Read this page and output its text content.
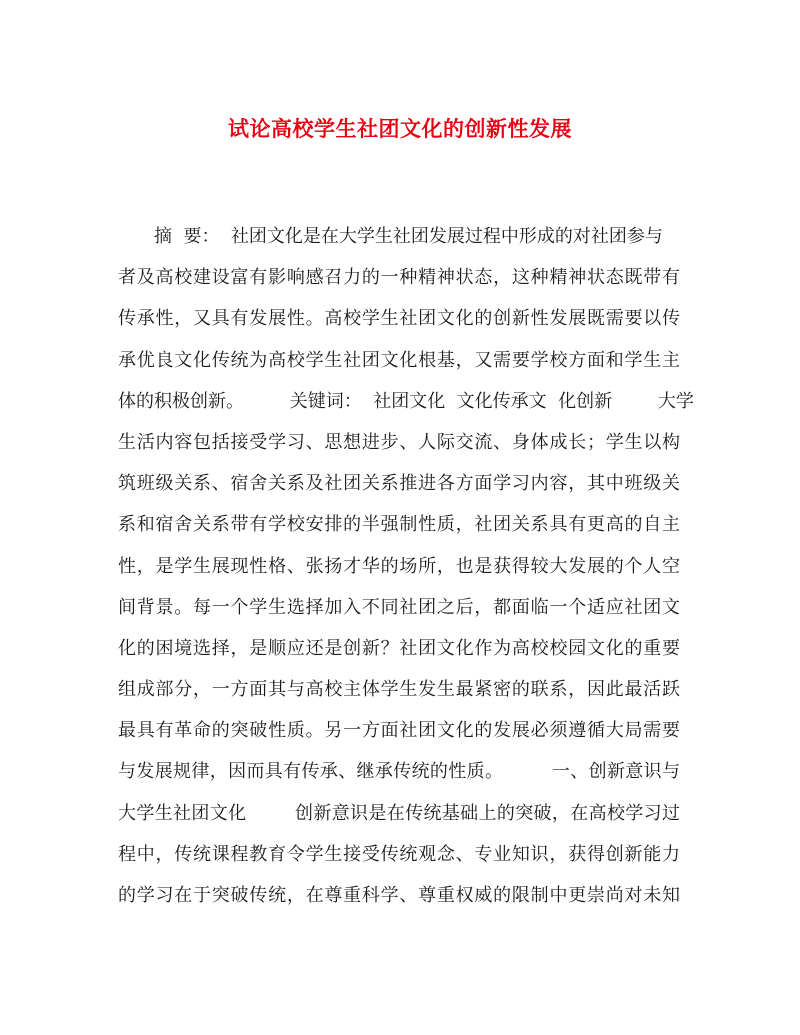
试论高校学生社团文化的创新性发展
摘  要：  社团文化是在大学生社团发展过程中形成的对社团参与
者及高校建设富有影响感召力的一种精神状态，这种精神状态既带有
传承性，又具有发展性。高校学生社团文化的创新性发展既需要以传
承优良文化传统为高校学生社团文化根基，又需要学校方面和学生主
体的积极创新。        关键词：  社团文化  文化传承文  化创新        大学
生活内容包括接受学习、思想进步、人际交流、身体成长；学生以构
筑班级关系、宿舍关系及社团关系推进各方面学习内容，其中班级关
系和宿舍关系带有学校安排的半强制性质，社团关系具有更高的自主
性，是学生展现性格、张扬才华的场所，也是获得较大发展的个人空
间背景。每一个学生选择加入不同社团之后，都面临一个适应社团文
化的困境选择，是顺应还是创新？社团文化作为高校校园文化的重要
组成部分，一方面其与高校主体学生发生最紧密的联系，因此最活跃
最具有革命的突破性质。另一方面社团文化的发展必须遵循大局需要
与发展规律，因而具有传承、继承传统的性质。        一、创新意识与
大学生社团文化        创新意识是在传统基础上的突破，在高校学习过
程中，传统课程教育令学生接受传统观念、专业知识，获得创新能力
的学习在于突破传统，在尊重科学、尊重权威的限制中更崇尚对未知
